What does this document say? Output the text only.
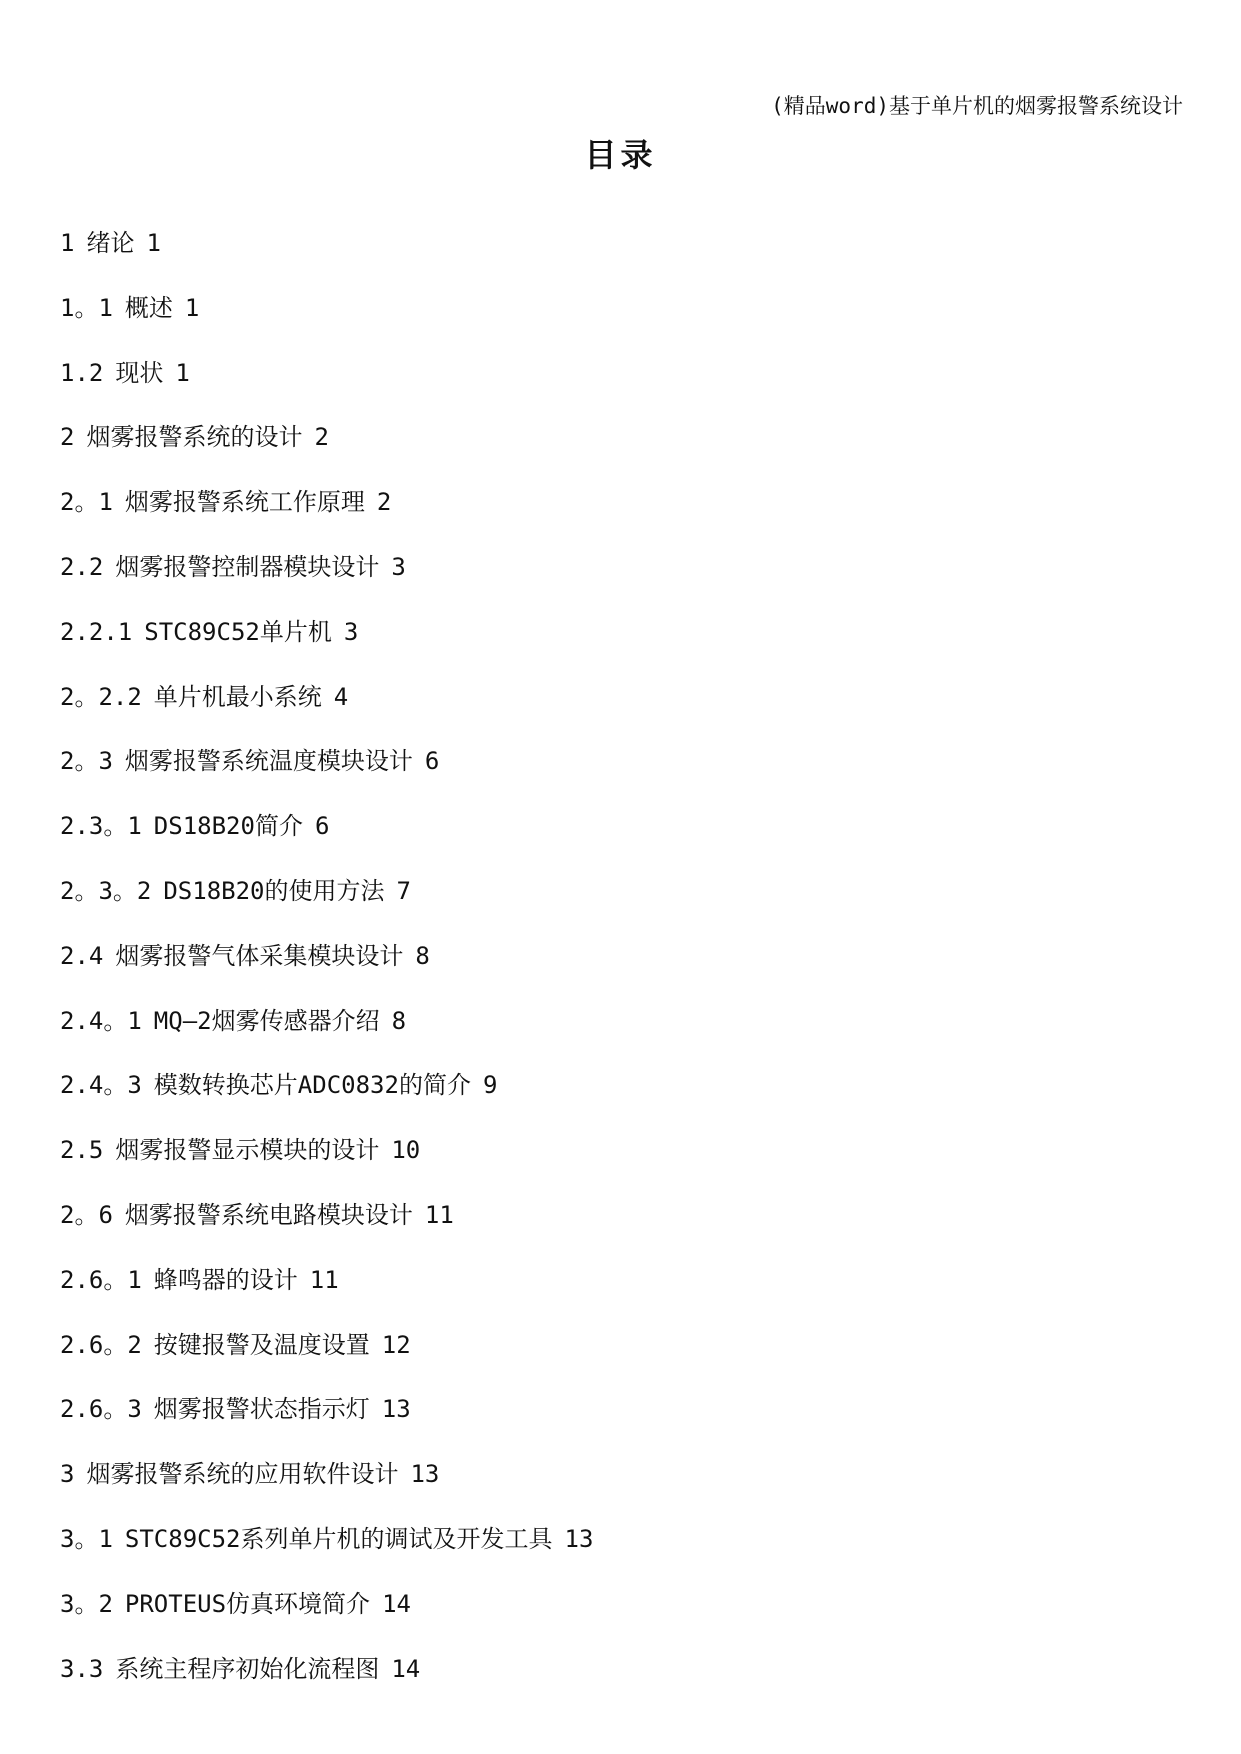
(精品word)基于单片机的烟雾报警系统设计
目录
1 绪论 1
1。1 概述 1
1.2 现状 1
2 烟雾报警系统的设计 2
2。1 烟雾报警系统工作原理 2
2.2 烟雾报警控制器模块设计 3
2.2.1 STC89C52单片机 3
2。2.2 单片机最小系统 4
2。3 烟雾报警系统温度模块设计 6
2.3。1 DS18B20简介 6
2。3。2 DS18B20的使用方法 7
2.4 烟雾报警气体采集模块设计 8
2.4。1 MQ—2烟雾传感器介绍 8
2.4。3 模数转换芯片ADC0832的简介 9
2.5 烟雾报警显示模块的设计 10
2。6 烟雾报警系统电路模块设计 11
2.6。1 蜂鸣器的设计 11
2.6。2 按键报警及温度设置 12
2.6。3 烟雾报警状态指示灯 13
3 烟雾报警系统的应用软件设计 13
3。1 STC89C52系列单片机的调试及开发工具 13
3。2 PROTEUS仿真环境简介 14
3.3 系统主程序初始化流程图 14
